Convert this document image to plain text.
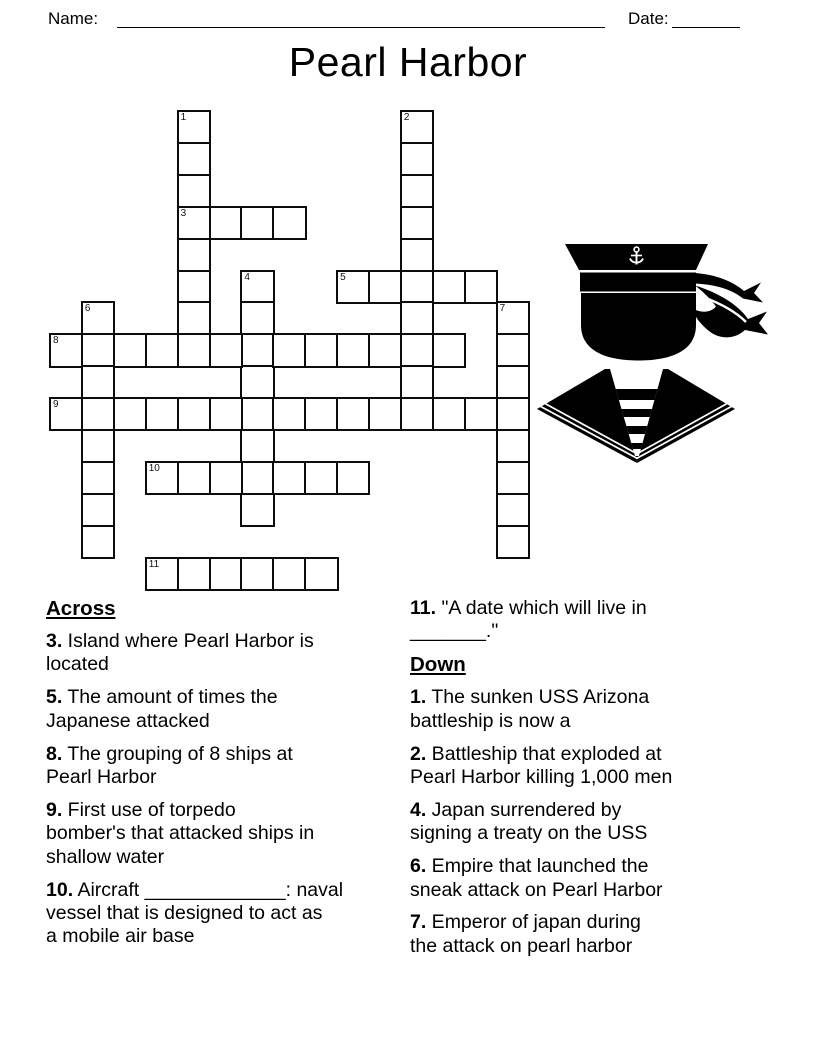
Name:	Date:
Pearl Harbor
1
3
2
4	5
6	7
8
9
10
11
Across
3. Island where Pearl Harbor is
located
5. The amount of times the
Japanese attacked
8. The grouping of 8 ships at
Pearl Harbor
9. First use of torpedo
bomber's that attacked ships in
shallow water
10. Aircraft _____________: naval
vessel that is designed to act as
a mobile air base
11. "A date which will live in
_______."
Down
1. The sunken USS Arizona
battleship is now a
2. Battleship that exploded at
Pearl Harbor killing 1,000 men
4. Japan surrendered by
signing a treaty on the USS
6. Empire that launched the
sneak attack on Pearl Harbor
7. Emperor of japan during
the attack on pearl harbor
